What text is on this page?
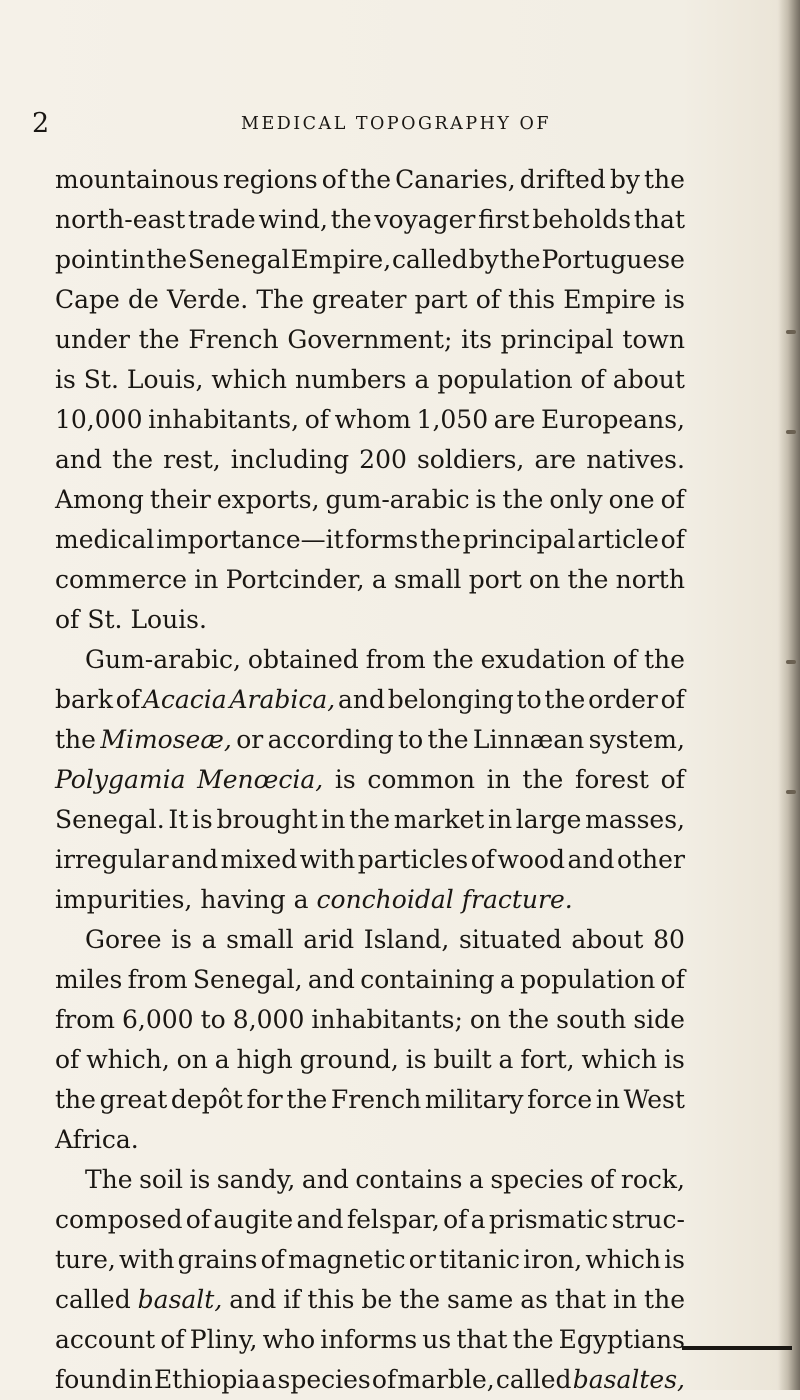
2	MEDICAL TOPOGRAPHY OF
mountainous regions of the Canaries, drifted by the
north-east trade wind, the voyager first beholds that
point in the Senegal Empire, called by the Portuguese
Cape de Verde. The greater part of this Empire is
under the French Government; its principal town
is St. Louis, which numbers a population of about
10,000 inhabitants, of whom 1,050 are Europeans,
and the rest, including 200 soldiers, are natives.
Among their exports, gum-arabic is the only one of
medical importance—it forms the principal article of
commerce in Portcinder, a small port on the north
of St. Louis.
Gum-arabic, obtained from the exudation of the
bark of Acacia Arabica, and belonging to the order of
the Mimoseæ, or according to the Linnæan system,
Polygamia Menœcia, is common in the forest of
Senegal. It is brought in the market in large masses,
irregular and mixed with particles of wood and other
impurities, having a conchoidal fracture.
Goree is a small arid Island, situated about 80
miles from Senegal, and containing a population of
from 6,000 to 8,000 inhabitants; on the south side
of which, on a high ground, is built a fort, which is
the great depôt for the French military force in West
Africa.
The soil is sandy, and contains a species of rock,
composed of augite and felspar, of a prismatic struc-
ture, with grains of magnetic or titanic iron, which is
called basalt, and if this be the same as that in the
account of Pliny, who informs us that the Egyptians
found in Ethiopia a species of marble, called basaltes,
